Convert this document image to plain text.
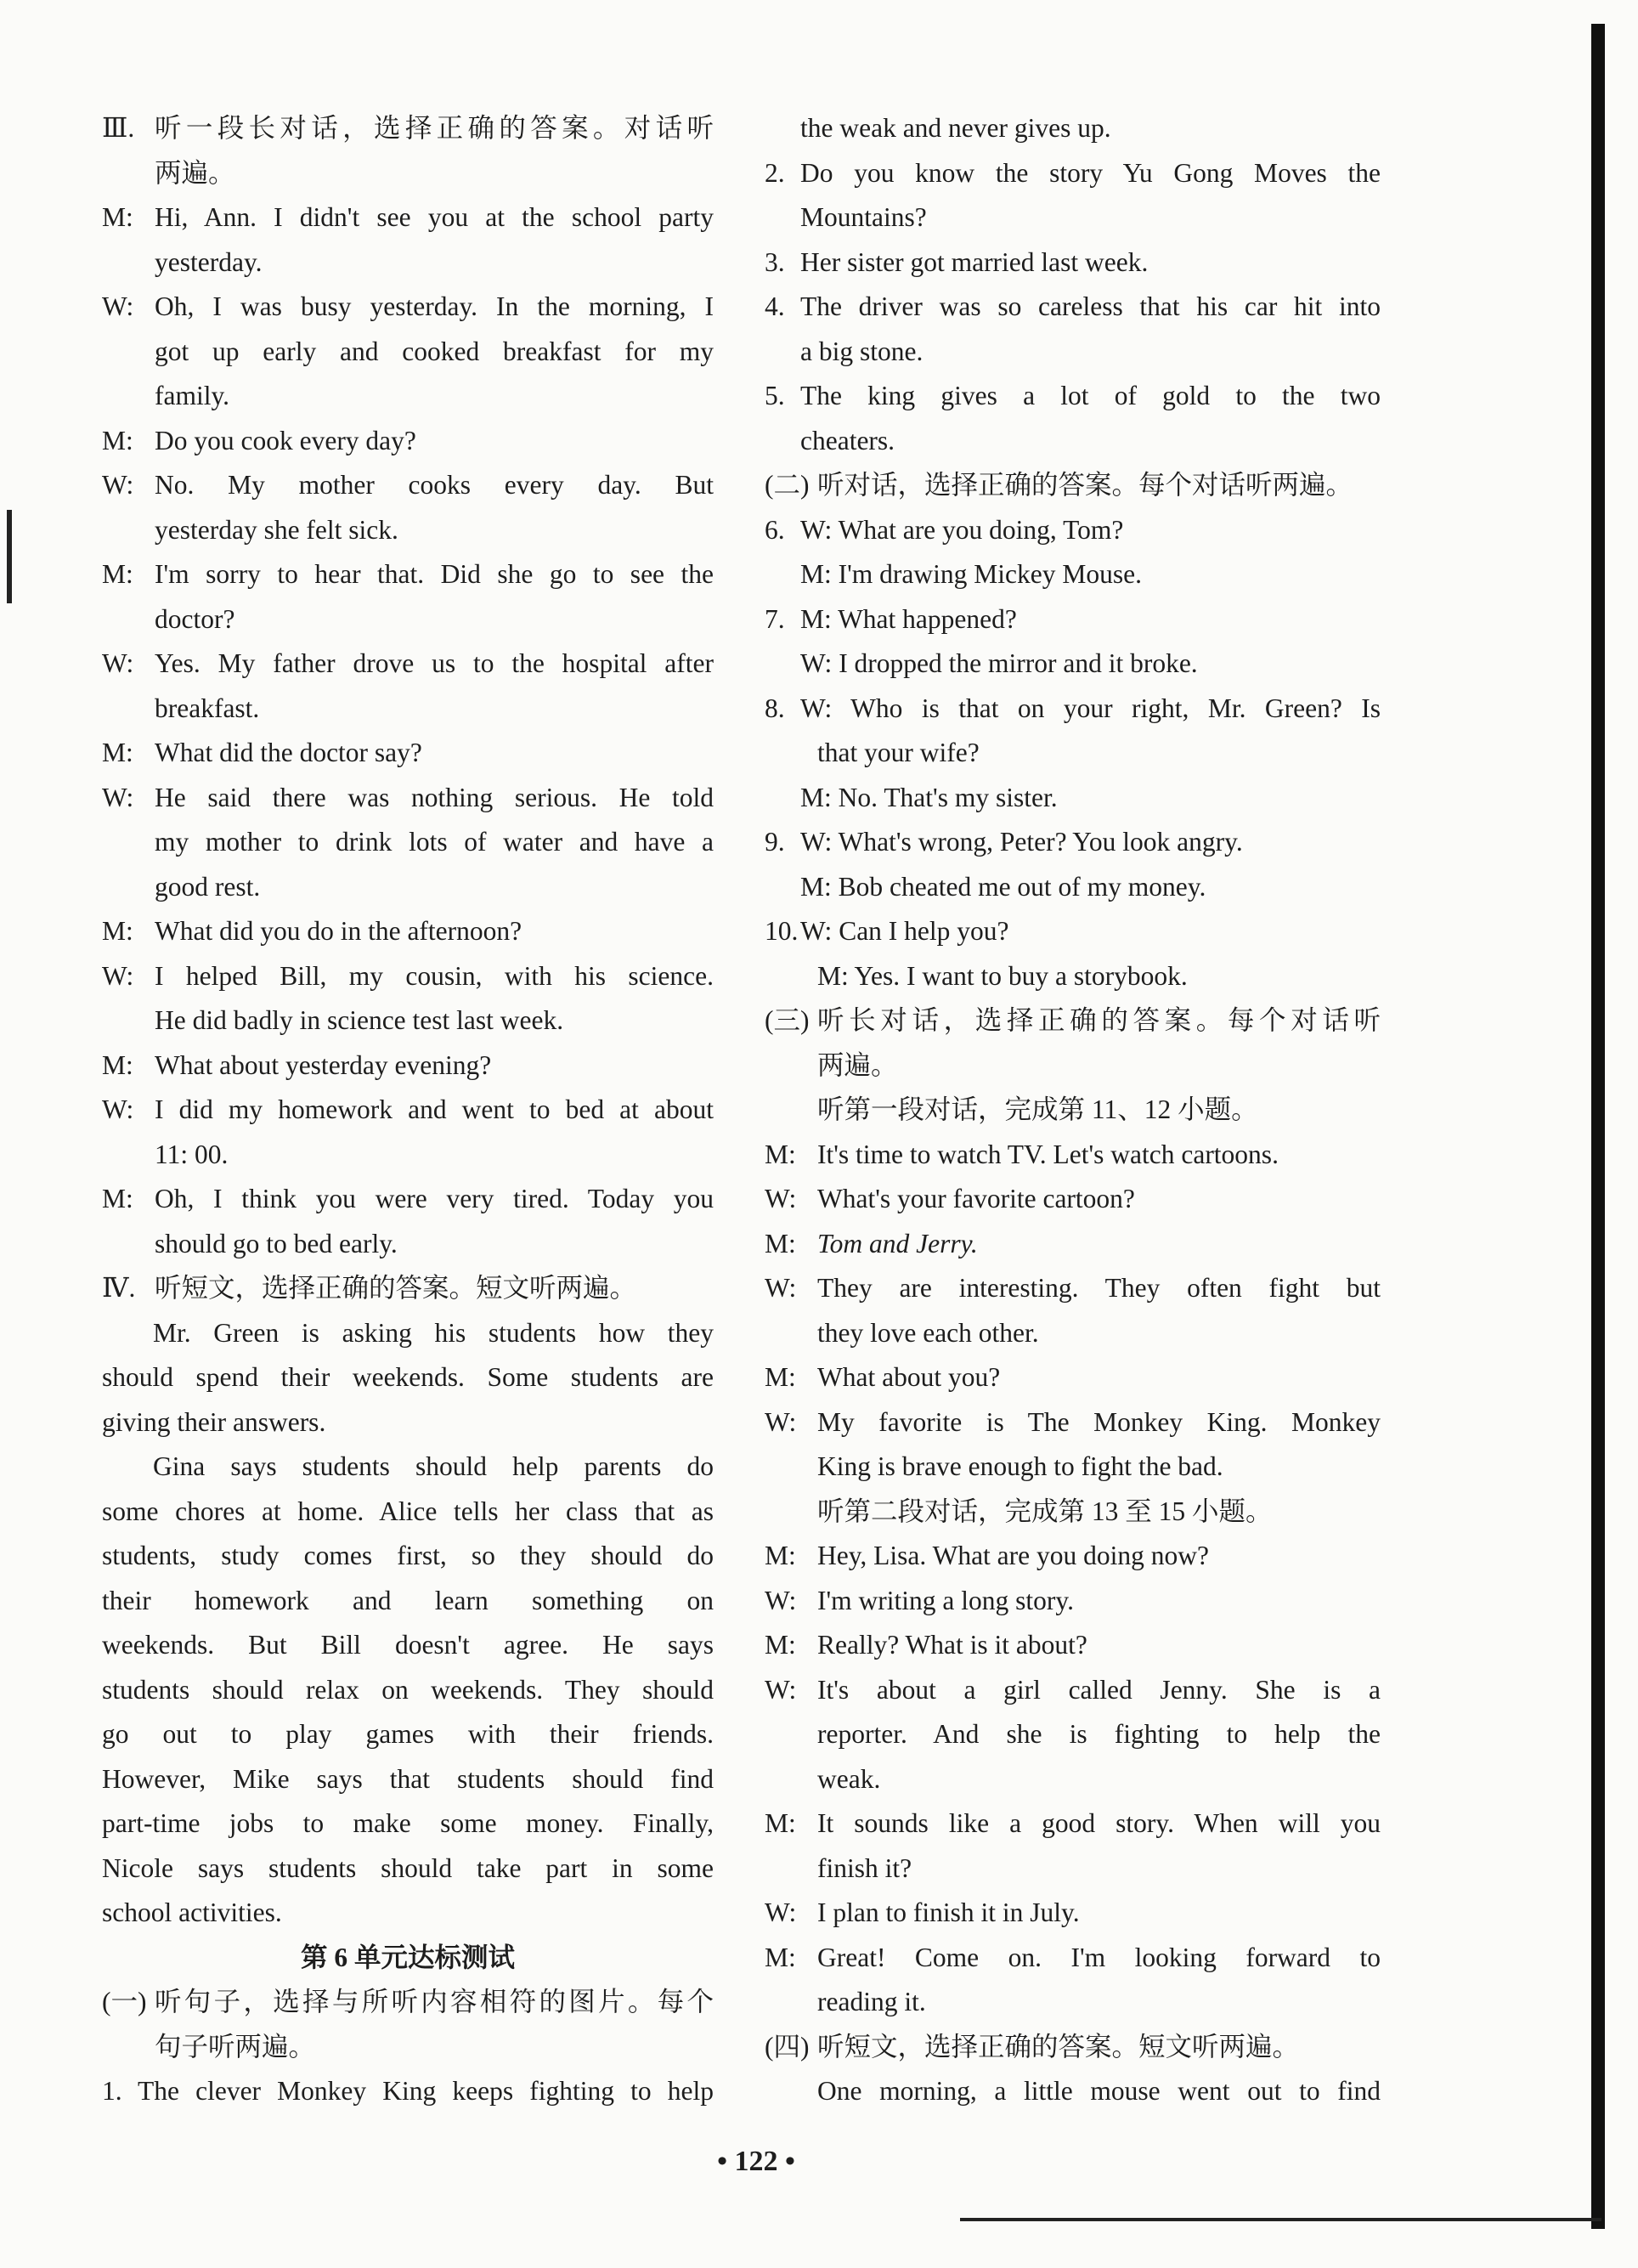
Ⅲ. 听一段长对话，选择正确的答案。对话听
两遍。
M: Hi, Ann. I didn't see you at the school party
yesterday.
W: Oh, I was busy yesterday. In the morning, I
got up early and cooked breakfast for my
family.
M: Do you cook every day?
W: No. My mother cooks every day. But
yesterday she felt sick.
M: I'm sorry to hear that. Did she go to see the
doctor?
W: Yes. My father drove us to the hospital after
breakfast.
M: What did the doctor say?
W: He said there was nothing serious. He told
my mother to drink lots of water and have a
good rest.
M: What did you do in the afternoon?
W: I helped Bill, my cousin, with his science.
He did badly in science test last week.
M: What about yesterday evening?
W: I did my homework and went to bed at about
11: 00.
M: Oh, I think you were very tired. Today you
should go to bed early.
Ⅳ. 听短文，选择正确的答案。短文听两遍。
Mr. Green is asking his students how they
should spend their weekends. Some students are
giving their answers.
Gina says students should help parents do
some chores at home. Alice tells her class that as
students, study comes first, so they should do
their homework and learn something on
weekends. But Bill doesn't agree. He says
students should relax on weekends. They should
go out to play games with their friends.
However, Mike says that students should find
part-time jobs to make some money. Finally,
Nicole says students should take part in some
school activities.
第 6 单元达标测试
(一) 听句子，选择与所听内容相符的图片。每个
句子听两遍。
1. The clever Monkey King keeps fighting to help
the weak and never gives up.
2. Do you know the story Yu Gong Moves the
Mountains?
3. Her sister got married last week.
4. The driver was so careless that his car hit into
a big stone.
5. The king gives a lot of gold to the two
cheaters.
(二) 听对话，选择正确的答案。每个对话听两遍。
6. W: What are you doing, Tom?
M: I'm drawing Mickey Mouse.
7. M: What happened?
W: I dropped the mirror and it broke.
8. W: Who is that on your right, Mr. Green? Is
that your wife?
M: No. That's my sister.
9. W: What's wrong, Peter? You look angry.
M: Bob cheated me out of my money.
10.W: Can I help you?
M: Yes. I want to buy a storybook.
(三) 听长对话，选择正确的答案。每个对话听
两遍。
听第一段对话，完成第 11、12 小题。
M: It's time to watch TV. Let's watch cartoons.
W: What's your favorite cartoon?
M: Tom and Jerry.
W: They are interesting. They often fight but
they love each other.
M: What about you?
W: My favorite is The Monkey King. Monkey
King is brave enough to fight the bad.
听第二段对话，完成第 13 至 15 小题。
M: Hey, Lisa. What are you doing now?
W: I'm writing a long story.
M: Really? What is it about?
W: It's about a girl called Jenny. She is a
reporter. And she is fighting to help the
weak.
M: It sounds like a good story. When will you
finish it?
W: I plan to finish it in July.
M: Great! Come on. I'm looking forward to
reading it.
(四) 听短文，选择正确的答案。短文听两遍。
One morning, a little mouse went out to find
• 122 •
